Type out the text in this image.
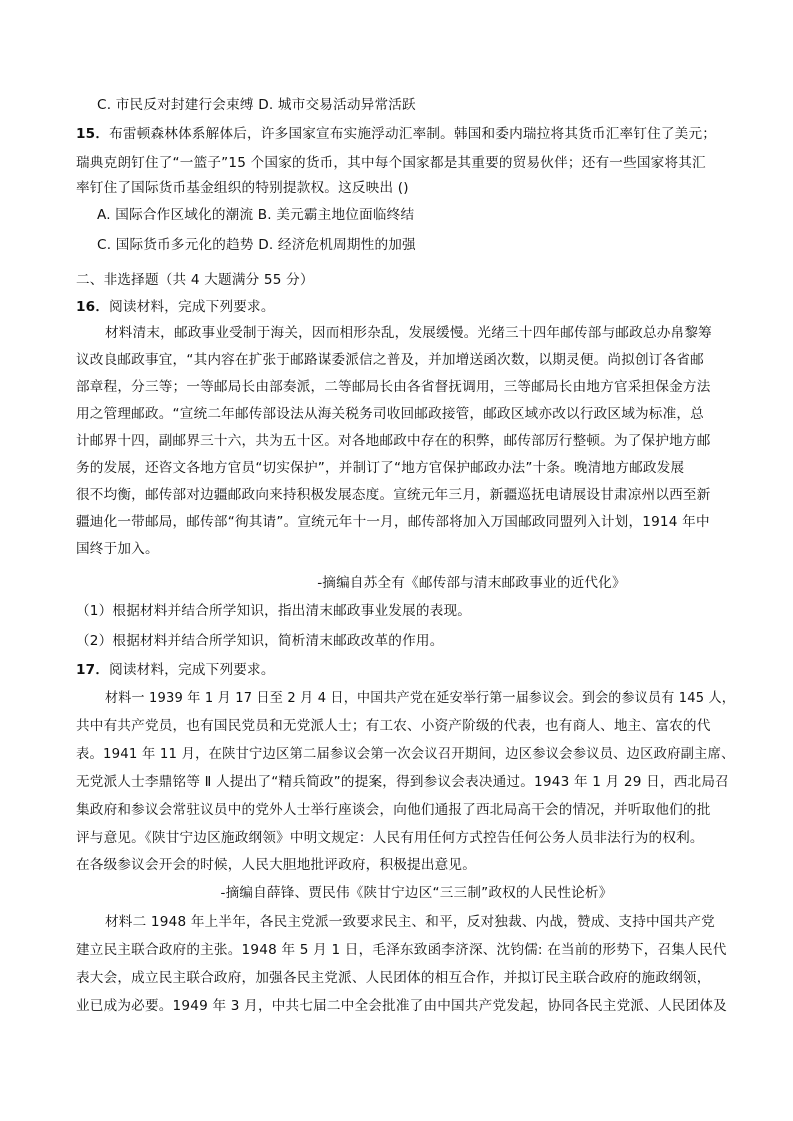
C. 市民反对封建行会束缚 D. 城市交易活动异常活跃
15．布雷顿森林体系解体后，许多国家宣布实施浮动汇率制。韩国和委内瑞拉将其货币汇率钉住了美元；
瑞典克朗钉住了“一篮子”15 个国家的货币，其中每个国家都是其重要的贸易伙伴；还有一些国家将其汇
率钉住了国际货币基金组织的特别提款权。这反映出 ()
A. 国际合作区域化的潮流 B. 美元霸主地位面临终结
C. 国际货币多元化的趋势 D. 经济危机周期性的加强
二、非选择题（共 4 大题满分 55 分）
16．阅读材料，完成下列要求。
材料清末，邮政事业受制于海关，因而相形杂乱，发展缓慢。光绪三十四年邮传部与邮政总办帛黎筹
议改良邮政事宜，“其内容在扩张于邮路谋委派信之普及，并加增送函次数，以期灵便。尚拟创订各省邮
部章程，分三等；一等邮局长由部奏派，二等邮局长由各省督抚调用，三等邮局长由地方官采担保金方法
用之管理邮政。“宣统二年邮传部设法从海关税务司收回邮政接管，邮政区域亦改以行政区域为标准，总
计邮界十四，副邮界三十六，共为五十区。对各地邮政中存在的积弊，邮传部厉行整顿。为了保护地方邮
务的发展，还咨文各地方官员“切实保护”，并制订了“地方官保护邮政办法”十条。晚清地方邮政发展
很不均衡，邮传部对边疆邮政向来持积极发展态度。宣统元年三月，新疆巡抚电请展设甘肃凉州以西至新
疆迪化一带邮局，邮传部“徇其请”。宣统元年十一月，邮传部将加入万国邮政同盟列入计划，1914 年中
国终于加入。
-摘编自苏全有《邮传部与清末邮政事业的近代化》
（1）根据材料并结合所学知识，指出清末邮政事业发展的表现。
（2）根据材料并结合所学知识，简析清末邮政改革的作用。
17．阅读材料，完成下列要求。
材料一 1939 年 1 月 17 日至 2 月 4 日，中国共产党在延安举行第一届参议会。到会的参议员有 145 人，
共中有共产党员，也有国民党员和无党派人士；有工农、小资产阶级的代表，也有商人、地主、富农的代
表。1941 年 11 月，在陕甘宁边区第二届参议会第一次会议召开期间，边区参议会参议员、边区政府副主席、
无党派人士李鼎铭等 Ⅱ 人提出了“精兵简政”的提案，得到参议会表决通过。1943 年 1 月 29 日，西北局召
集政府和参议会常驻议员中的党外人士举行座谈会，向他们通报了西北局高干会的情况，并听取他们的批
评与意见。《陕甘宁边区施政纲领》中明文规定：人民有用任何方式控告任何公务人员非法行为的权利。
在各级参议会开会的时候，人民大胆地批评政府，积极提出意见。
-摘编自薛锋、贾民伟《陕甘宁边区“三三制”政权的人民性论析》
材料二 1948 年上半年，各民主党派一致要求民主、和平，反对独裁、内战，赞成、支持中国共产党
建立民主联合政府的主张。1948 年 5 月 1 日，毛泽东致函李济深、沈钧儒: 在当前的形势下，召集人民代
表大会，成立民主联合政府，加强各民主党派、人民团体的相互合作，并拟订民主联合政府的施政纲领，
业已成为必要。1949 年 3 月，中共七届二中全会批准了由中国共产党发起，协同各民主党派、人民团体及
